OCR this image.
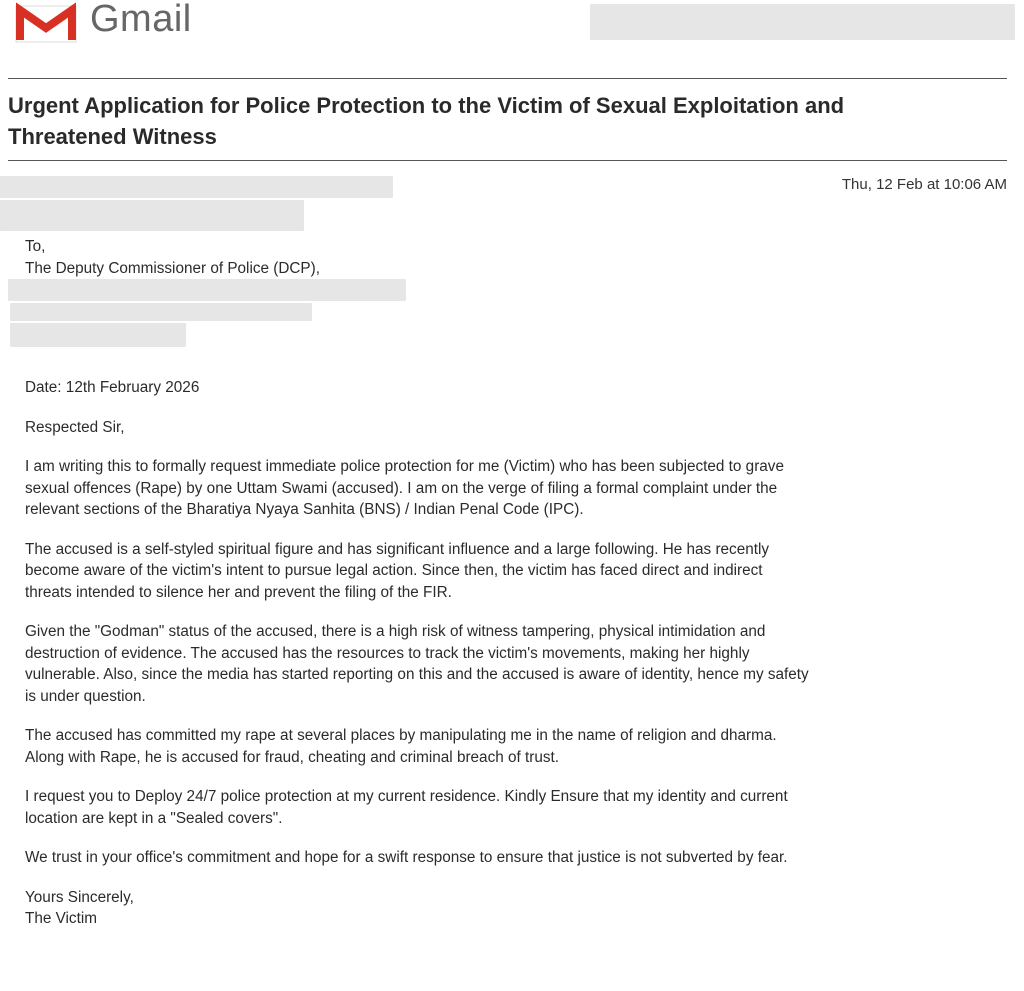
Gmail
Urgent Application for Police Protection to the Victim of Sexual Exploitation and
Threatened Witness
Thu, 12 Feb at 10:06 AM
To,
The Deputy Commissioner of Police (DCP),
Date: 12th February 2026
Respected Sir,
I am writing this to formally request immediate police protection for me (Victim) who has been subjected to grave
sexual offences (Rape) by one Uttam Swami (accused). I am on the verge of filing a formal complaint under the
relevant sections of the Bharatiya Nyaya Sanhita (BNS) / Indian Penal Code (IPC).
The accused is a self-styled spiritual figure and has significant influence and a large following. He has recently
become aware of the victim's intent to pursue legal action. Since then, the victim has faced direct and indirect
threats intended to silence her and prevent the filing of the FIR.
Given the "Godman" status of the accused, there is a high risk of witness tampering, physical intimidation and
destruction of evidence. The accused has the resources to track the victim's movements, making her highly
vulnerable. Also, since the media has started reporting on this and the accused is aware of identity, hence my safety
is under question.
The accused has committed my rape at several places by manipulating me in the name of religion and dharma.
Along with Rape, he is accused for fraud, cheating and criminal breach of trust.
I request you to Deploy 24/7 police protection at my current residence. Kindly Ensure that my identity and current
location are kept in a "Sealed covers".
We trust in your office's commitment and hope for a swift response to ensure that justice is not subverted by fear.
Yours Sincerely,
The Victim
